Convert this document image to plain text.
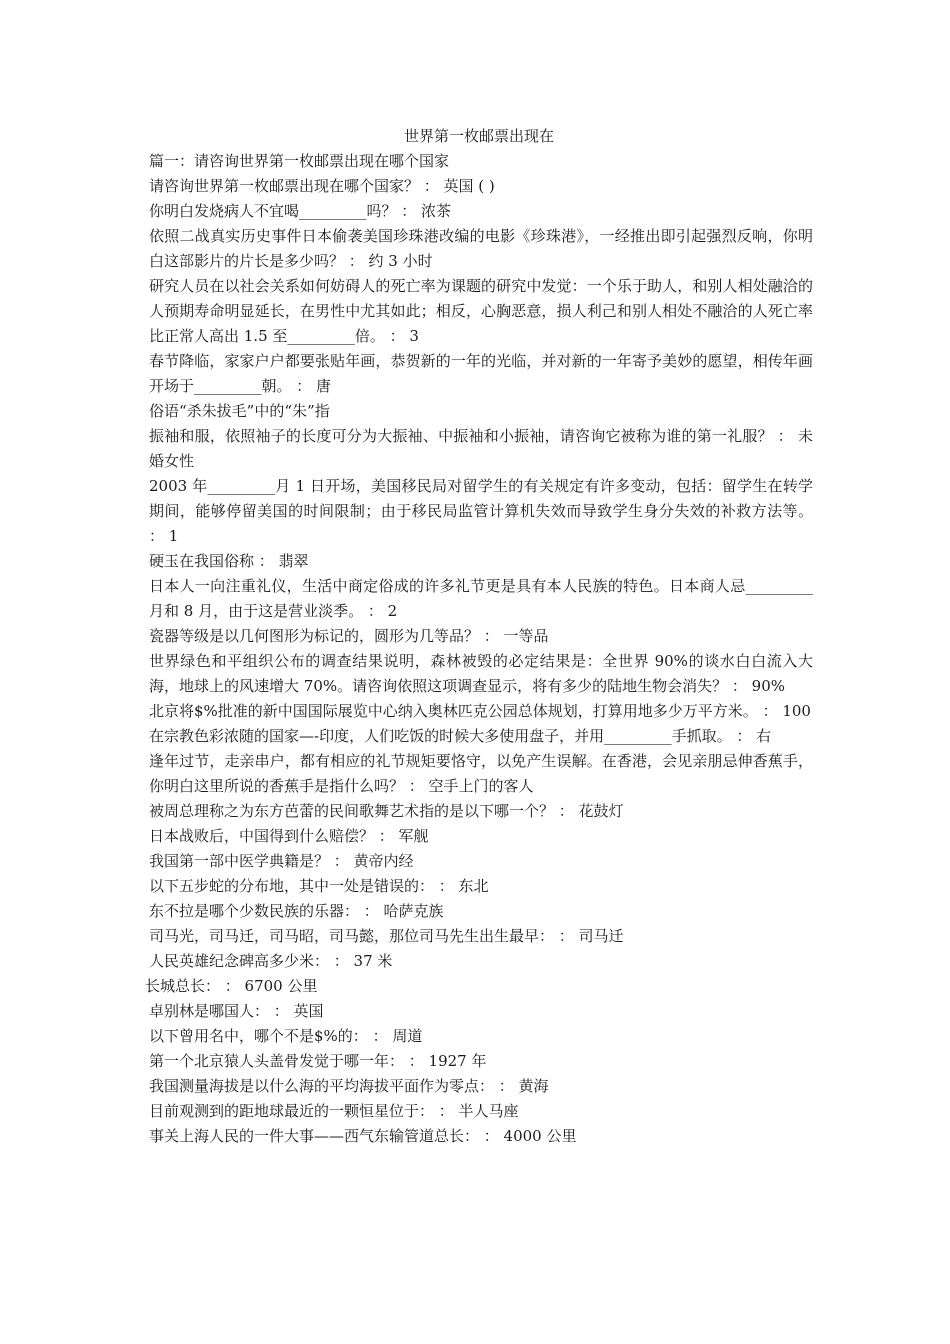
世界第一枚邮票出现在

篇一：请咨询世界第一枚邮票出现在哪个国家

请咨询世界第一枚邮票出现在哪个国家？ ： 英国 ( )

你明白发烧病人不宜喝_________吗？ ： 浓茶

依照二战真实历史事件日本偷袭美国珍珠港改编的电影《珍珠港》，一经推出即引起强烈反响，你明白这部影片的片长是多少吗？ ： 约 3 小时

研究人员在以社会关系如何妨碍人的死亡率为课题的研究中发觉：一个乐于助人，和别人相处融洽的人预期寿命明显延长，在男性中尤其如此；相反，心胸恶意，损人利己和别人相处不融洽的人死亡率比正常人高出 1.5 至_________倍。 ： 3

春节降临，家家户户都要张贴年画，恭贺新的一年的光临，并对新的一年寄予美妙的愿望，相传年画开场于_________朝。 ： 唐

俗语“杀朱拔毛”中的“朱”指

振袖和服，依照袖子的长度可分为大振袖、中振袖和小振袖，请咨询它被称为谁的第一礼服？ ： 未婚女性

2003 年_________月 1 日开场，美国移民局对留学生的有关规定有许多变动，包括：留学生在转学期间，能够停留美国的时间限制；由于移民局监管计算机失效而导致学生身分失效的补救方法等。 ： 1

硬玉在我国俗称 ： 翡翠

日本人一向注重礼仪，生活中商定俗成的许多礼节更是具有本人民族的特色。日本商人忌_________月和 8 月，由于这是营业淡季。 ： 2

瓷器等级是以几何图形为标记的，圆形为几等品？ ： 一等品

世界绿色和平组织公布的调查结果说明，森林被毁的必定结果是：全世界 90%的谈水白白流入大海，地球上的风速增大 70%。请咨询依照这项调查显示，将有多少的陆地生物会消失？ ： 90%

北京将$%批准的新中国国际展览中心纳入奥林匹克公园总体规划，打算用地多少万平方米。 ： 100

在宗教色彩浓随的国家—-印度，人们吃饭的时候大多使用盘子，并用_________手抓取。 ： 右

逢年过节，走亲串户，都有相应的礼节规矩要恪守，以免产生误解。在香港，会见亲朋忌伸香蕉手，你明白这里所说的香蕉手是指什么吗？ ： 空手上门的客人

被周总理称之为东方芭蕾的民间歌舞艺术指的是以下哪一个？ ： 花鼓灯

日本战败后，中国得到什么赔偿？ ： 军舰

我国第一部中医学典籍是？ ： 黄帝内经

以下五步蛇的分布地，其中一处是错误的： ： 东北

东不拉是哪个少数民族的乐器： ： 哈萨克族

司马光，司马迁，司马昭，司马懿，那位司马先生出生最早： ： 司马迁

人民英雄纪念碑高多少米： ： 37 米

长城总长： ： 6700 公里

卓别林是哪国人： ： 英国

以下曾用名中，哪个不是$%的： ： 周道

第一个北京猿人头盖骨发觉于哪一年： ： 1927 年

我国测量海拔是以什么海的平均海拔平面作为零点： ： 黄海

目前观测到的距地球最近的一颗恒星位于： ： 半人马座

事关上海人民的一件大事——西气东输管道总长： ： 4000 公里
